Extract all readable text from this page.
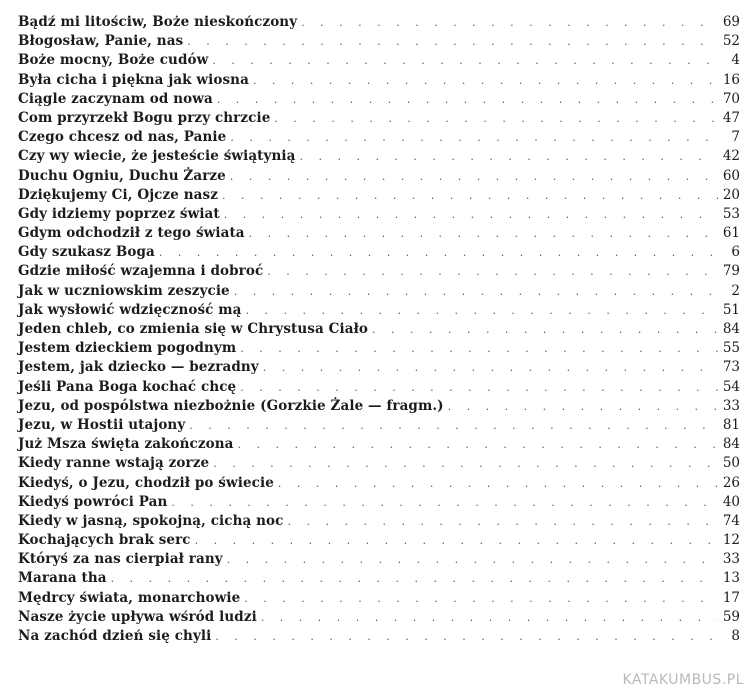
Bądź mi litościw, Boże nieskończony . . .	69
Błogosław, Panie, nas . . .	52
Boże mocny, Boże cudów . . .	4
Była cicha i piękna jak wiosna . . .	16
Ciągle zaczynam od nowa . . .	70
Com przyrzekł Bogu przy chrzcie . . .	47
Czego chcesz od nas, Panie . . .	7
Czy wy wiecie, że jesteście świątynią . . .	42
Duchu Ogniu, Duchu Żarze . . .	60
Dziękujemy Ci, Ojcze nasz . . .	20
Gdy idziemy poprzez świat . . .	53
Gdym odchodził z tego świata . . .	61
Gdy szukasz Boga . . .	6
Gdzie miłość wzajemna i dobroć . . .	79
Jak w uczniowskim zeszycie . . .	2
Jak wysłowić wdzięczność mą . . .	51
Jeden chleb, co zmienia się w Chrystusa Ciało . . .	84
Jestem dzieckiem pogodnym . . .	55
Jestem, jak dziecko — bezradny . . .	73
Jeśli Pana Boga kochać chcę . . .	54
Jezu, od pospólstwa niezbożnie (Gorzkie Żale — fragm.) . . .	33
Jezu, w Hostii utajony . . .	81
Już Msza święta zakończona . . .	84
Kiedy ranne wstają zorze . . .	50
Kiedyś, o Jezu, chodził po świecie . . .	26
Kiedyś powróci Pan . . .	40
Kiedy w jasną, spokojną, cichą noc . . .	74
Kochających brak serc . . .	12
Któryś za nas cierpiał rany . . .	33
Marana tha . . .	13
Mędrcy świata, monarchowie . . .	17
Nasze życie upływa wśród ludzi . . .	59
Na zachód dzień się chyli . . .	8
KATAKUMBUS.PL
